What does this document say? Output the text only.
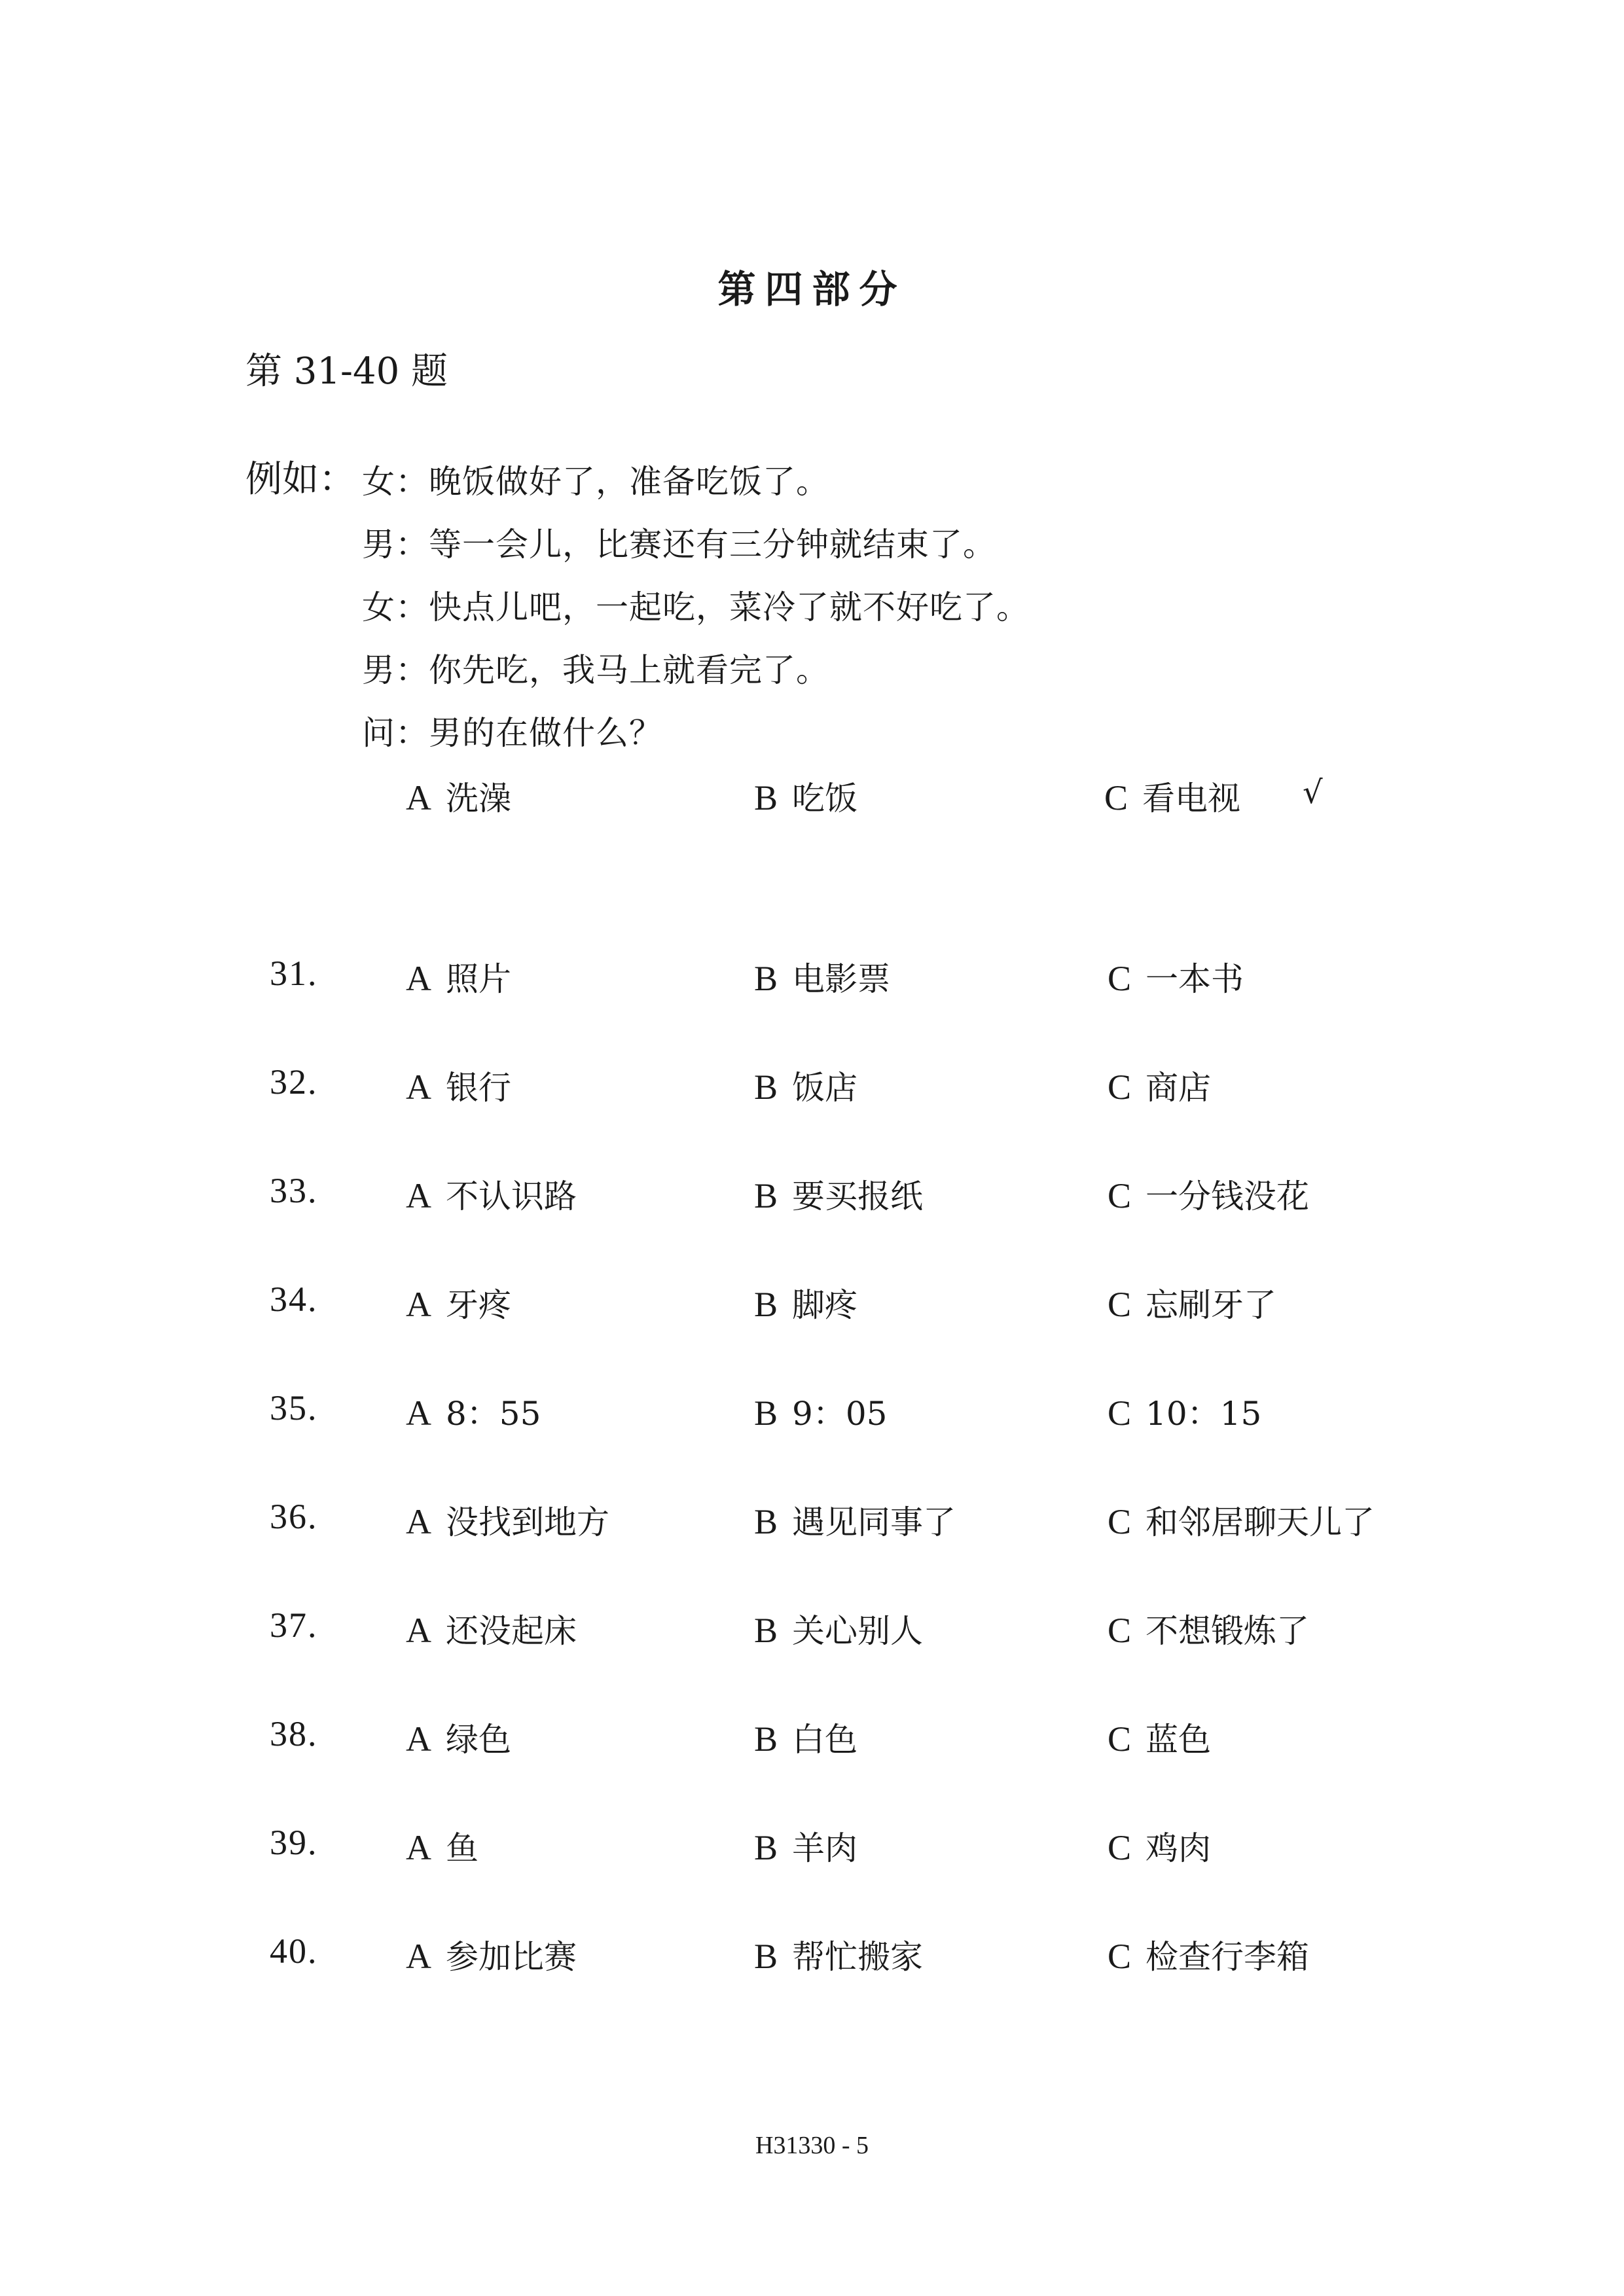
第四部分
第 31-40 题
例如： 女：晚饭做好了，准备吃饭了。
男：等一会儿，比赛还有三分钟就结束了。
女：快点儿吧，一起吃，菜冷了就不好吃了。
男：你先吃，我马上就看完了。
问：男的在做什么？
A 洗澡	B 吃饭	C 看电视 √
31. A 照片	B 电影票	C 一本书
32. A 银行	B 饭店	C 商店
33. A 不认识路	B 要买报纸	C 一分钱没花
34. A 牙疼	B 脚疼	C 忘刷牙了
35. A 8：55	B 9：05	C 10：15
36. A 没找到地方	B 遇见同事了	C 和邻居聊天儿了
37. A 还没起床	B 关心别人	C 不想锻炼了
38. A 绿色	B 白色	C 蓝色
39. A 鱼	B 羊肉	C 鸡肉
40. A 参加比赛	B 帮忙搬家	C 检查行李箱
H31330 - 5
